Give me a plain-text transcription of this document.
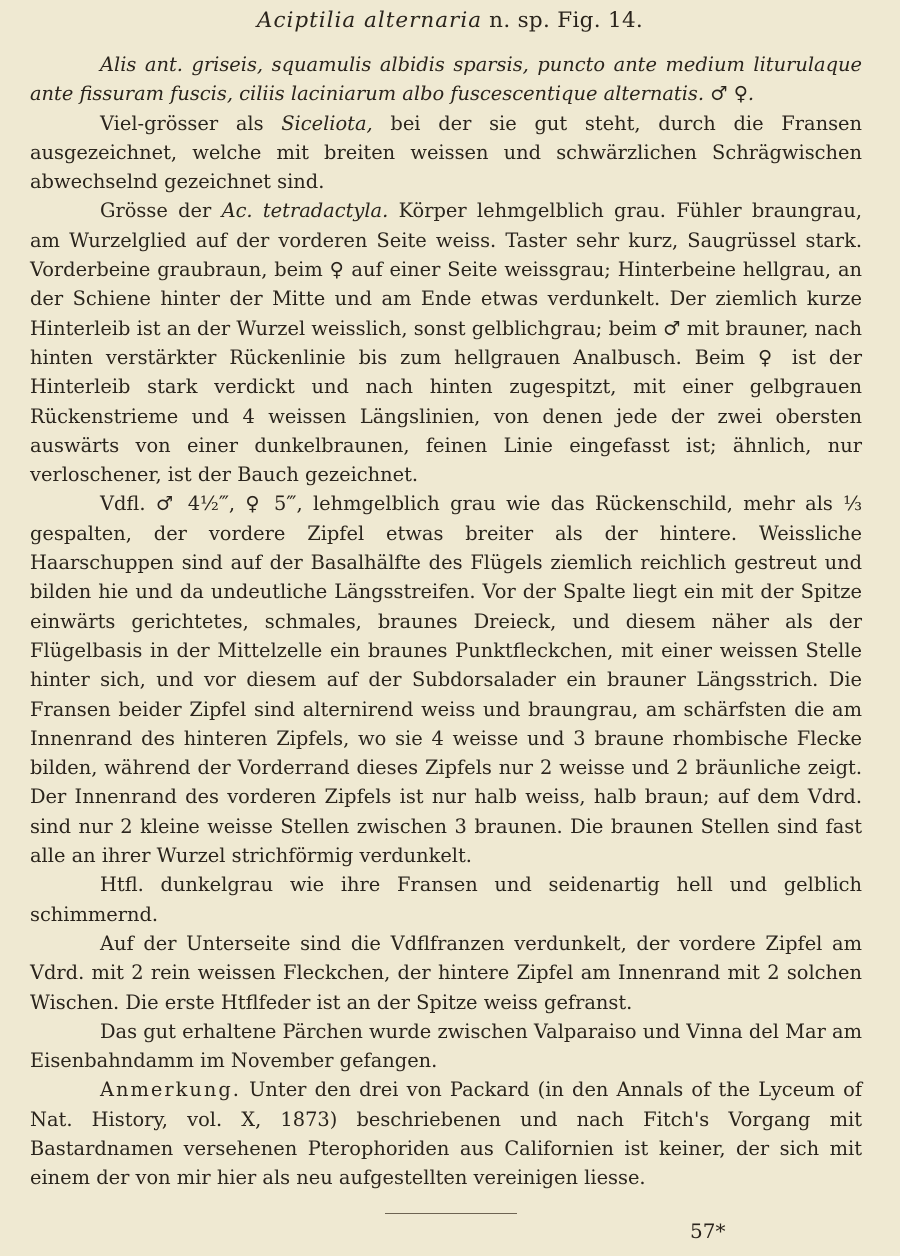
Aciptilia alternaria n. sp. Fig. 14.

Alis ant. griseis, squamulis albidis sparsis, puncto ante medium liturulaque ante fissuram fuscis, ciliis laciniarum albo fuscescentique alternatis. ♂ ♀.

Viel-grösser als Siceliota, bei der sie gut steht, durch die Fransen ausgezeichnet, welche mit breiten weissen und schwärzlichen Schrägwischen abwechselnd gezeichnet sind.

Grösse der Ac. tetradactyla. Körper lehmgelblich grau. Fühler braungrau, am Wurzelglied auf der vorderen Seite weiss. Taster sehr kurz, Saugrüssel stark. Vorderbeine graubraun, beim ♀ auf einer Seite weissgrau; Hinterbeine hellgrau, an der Schiene hinter der Mitte und am Ende etwas verdunkelt. Der ziemlich kurze Hinterleib ist an der Wurzel weisslich, sonst gelblichgrau; beim ♂ mit brauner, nach hinten verstärkter Rückenlinie bis zum hellgrauen Analbusch. Beim ♀ ist der Hinterleib stark verdickt und nach hinten zugespitzt, mit einer gelbgrauen Rückenstrieme und 4 weissen Längslinien, von denen jede der zwei obersten auswärts von einer dunkelbraunen, feinen Linie eingefasst ist; ähnlich, nur verloschener, ist der Bauch gezeichnet.

Vdfl. ♂ 4½‴, ♀ 5‴, lehmgelblich grau wie das Rückenschild, mehr als ⅓ gespalten, der vordere Zipfel etwas breiter als der hintere. Weissliche Haarschuppen sind auf der Basalhälfte des Flügels ziemlich reichlich gestreut und bilden hie und da undeutliche Längsstreifen. Vor der Spalte liegt ein mit der Spitze einwärts gerichtetes, schmales, braunes Dreieck, und diesem näher als der Flügelbasis in der Mittelzelle ein braunes Punktfleckchen, mit einer weissen Stelle hinter sich, und vor diesem auf der Subdorsalader ein brauner Längsstrich. Die Fransen beider Zipfel sind alternirend weiss und braungrau, am schärfsten die am Innenrand des hinteren Zipfels, wo sie 4 weisse und 3 braune rhombische Flecke bilden, während der Vorderrand dieses Zipfels nur 2 weisse und 2 bräunliche zeigt. Der Innenrand des vorderen Zipfels ist nur halb weiss, halb braun; auf dem Vdrd. sind nur 2 kleine weisse Stellen zwischen 3 braunen. Die braunen Stellen sind fast alle an ihrer Wurzel strichförmig verdunkelt.

Htfl. dunkelgrau wie ihre Fransen und seidenartig hell und gelblich schimmernd.

Auf der Unterseite sind die Vdflfranzen verdunkelt, der vordere Zipfel am Vdrd. mit 2 rein weissen Fleckchen, der hintere Zipfel am Innenrand mit 2 solchen Wischen. Die erste Htflfeder ist an der Spitze weiss gefranst.

Das gut erhaltene Pärchen wurde zwischen Valparaiso und Vinna del Mar am Eisenbahndamm im November gefangen.

Anmerkung. Unter den drei von Packard (in den Annals of the Lyceum of Nat. History, vol. X, 1873) beschriebenen und nach Fitch's Vorgang mit Bastardnamen versehenen Pterophoriden aus Californien ist keiner, der sich mit einem der von mir hier als neu aufgestellten vereinigen liesse.

57*
